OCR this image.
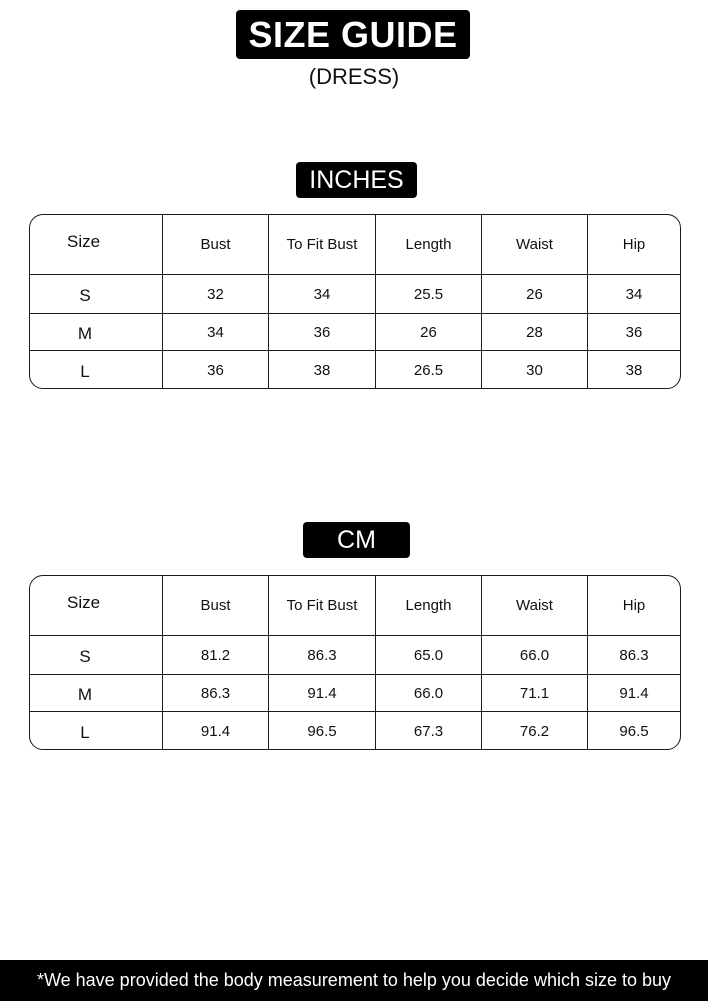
SIZE GUIDE
(DRESS)
INCHES
Size	Bust	To Fit Bust	Length	Waist	Hip
S	32	34	25.5	26	34
M	34	36	26	28	36
L	36	38	26.5	30	38
CM
Size	Bust	To Fit Bust	Length	Waist	Hip
S	81.2	86.3	65.0	66.0	86.3
M	86.3	91.4	66.0	71.1	91.4
L	91.4	96.5	67.3	76.2	96.5
*We have provided the body measurement to help you decide which size to buy
